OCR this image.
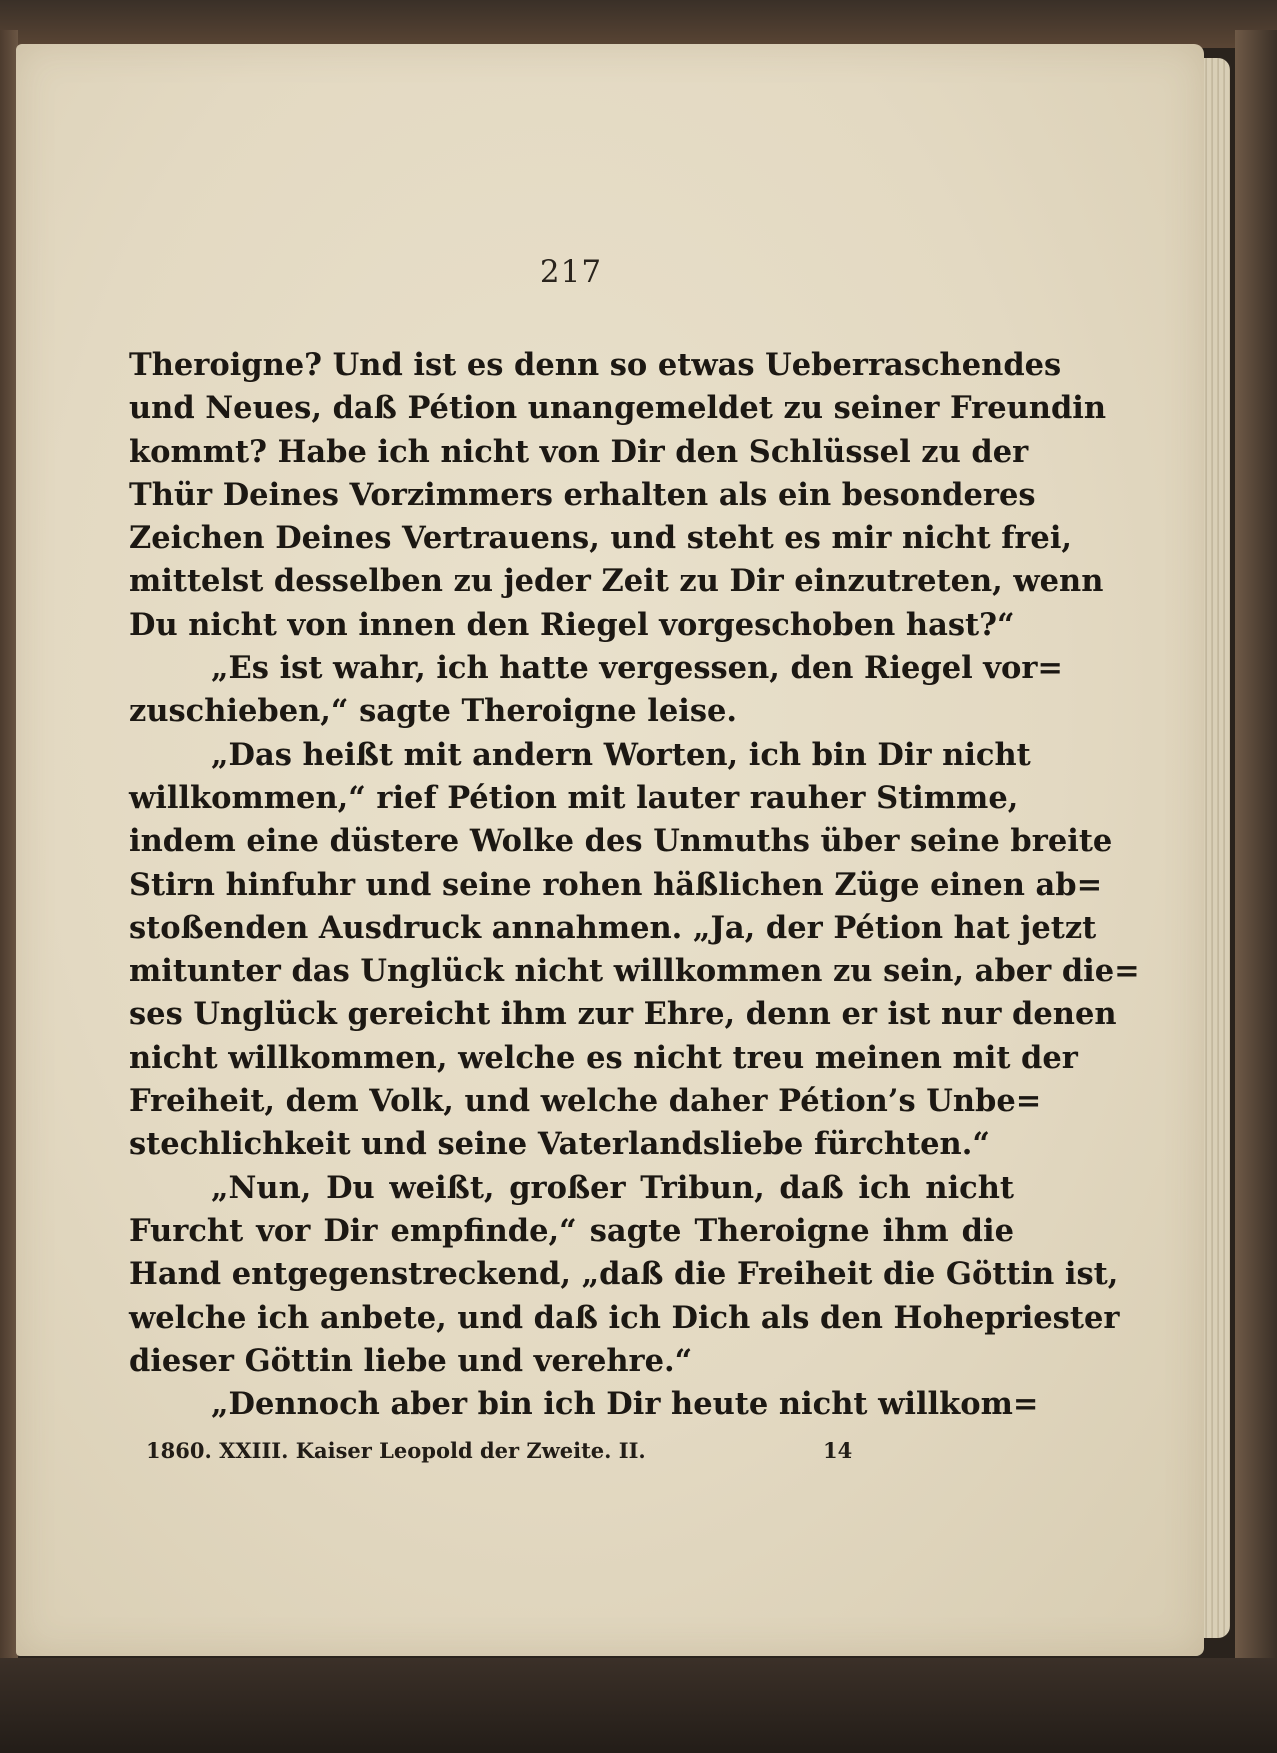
217
Theroigne? Und ist es denn so etwas Ueberraschendes
und Neues, daß Pétion unangemeldet zu seiner Freundin
kommt? Habe ich nicht von Dir den Schlüssel zu der
Thür Deines Vorzimmers erhalten als ein besonderes
Zeichen Deines Vertrauens, und steht es mir nicht frei,
mittelst desselben zu jeder Zeit zu Dir einzutreten, wenn
Du nicht von innen den Riegel vorgeschoben hast?“
„Es ist wahr, ich hatte vergessen, den Riegel vor=
zuschieben,“ sagte Theroigne leise.
„Das heißt mit andern Worten, ich bin Dir nicht
willkommen,“ rief Pétion mit lauter rauher Stimme,
indem eine düstere Wolke des Unmuths über seine breite
Stirn hinfuhr und seine rohen häßlichen Züge einen ab=
stoßenden Ausdruck annahmen. „Ja, der Pétion hat jetzt
mitunter das Unglück nicht willkommen zu sein, aber die=
ses Unglück gereicht ihm zur Ehre, denn er ist nur denen
nicht willkommen, welche es nicht treu meinen mit der
Freiheit, dem Volk, und welche daher Pétion’s Unbe=
stechlichkeit und seine Vaterlandsliebe fürchten.“
„Nun, Du weißt, großer Tribun, daß ich nicht
Furcht vor Dir empfinde,“ sagte Theroigne ihm die
Hand entgegenstreckend, „daß die Freiheit die Göttin ist,
welche ich anbete, und daß ich Dich als den Hohepriester
dieser Göttin liebe und verehre.“
„Dennoch aber bin ich Dir heute nicht willkom=
1860. XXIII. Kaiser Leopold der Zweite. II.	14
